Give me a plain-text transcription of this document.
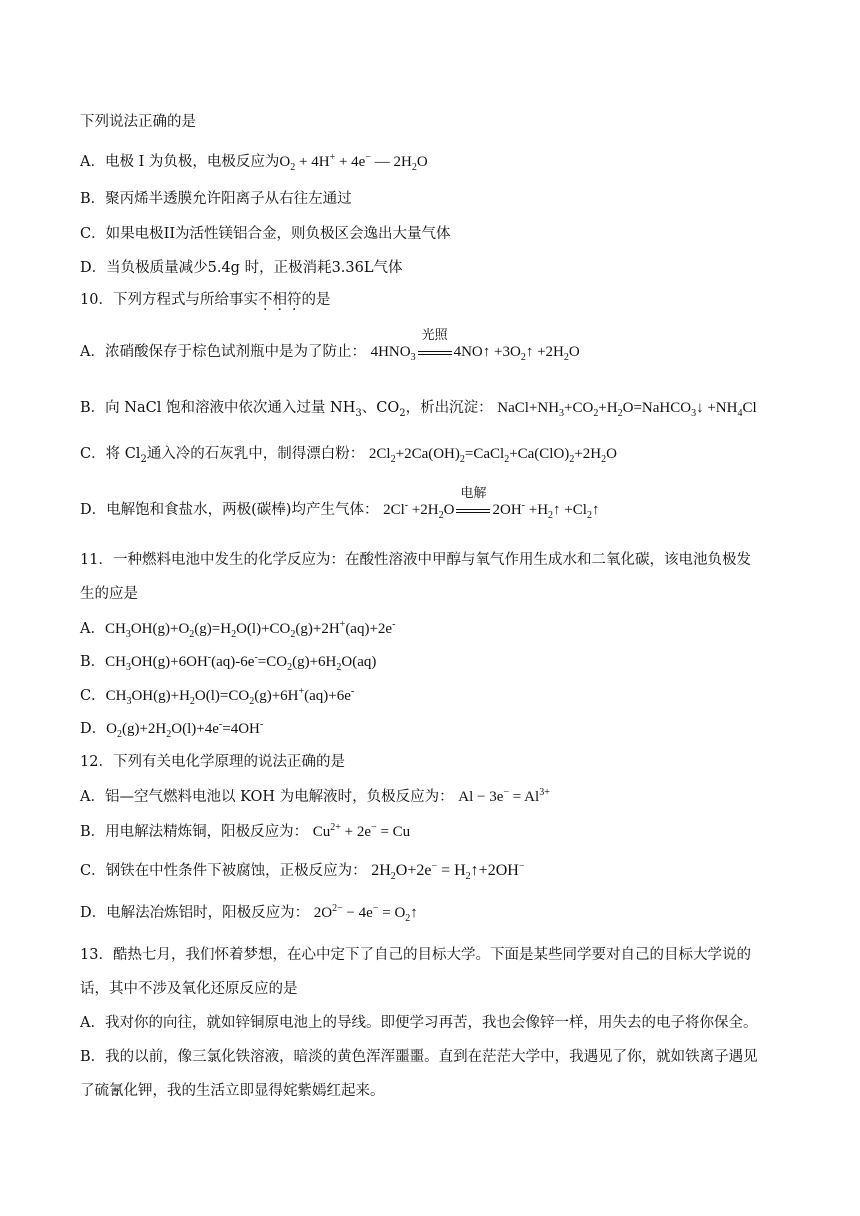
下列说法正确的是
A．电极 I 为负极，电极反应为$O_2 + 4H^+ + 4e^-$ — $2H_2O$
B．聚丙烯半透膜允许阳离子从右往左通过
C．如果电极II为活性镁铝合金，则负极区会逸出大量气体
D．当负极质量减少5.4g 时，正极消耗3.36L气体
10．下列方程式与所给事实不相符的是
A．浓硝酸保存于棕色试剂瓶中是为了防止： $4HNO_3$
光照
4NO↑ $+3O_2↑ +2H_2O$
B．向 NaCl 饱和溶液中依次通入过量 $NH_3$、$CO_2$，析出沉淀： $NaCl+NH_3+CO_2+H_2O=NaHCO_3↓ +NH_4Cl$
C．将 $Cl_2$通入冷的石灰乳中，制得漂白粉： $2Cl_2+2Ca(OH)_2=CaCl_2+Ca(ClO)_2+2H_2O$
D．电解饱和食盐水，两极(碳棒)均产生气体： $2Cl^- +2H_2O$
电解
$2OH^- +H_2↑$ $+Cl_2↑$
11．一种燃料电池中发生的化学反应为：在酸性溶液中甲醇与氧气作用生成水和二氧化碳，该电池负极发
生的应是
A．$CH_3OH(g)+O_2(g)=H_2O(l)+CO_2(g)+2H^+(aq)+2e^-$
B．$CH_3OH(g)+6OH^-(aq)-6e^-=CO_2(g)+6H_2O(aq)$
C．$CH_3OH(g)+H_2O(l)=CO_2(g)+6H^+(aq)+6e^-$
D．$O_2(g)+2H_2O(l)+4e^-=4OH^-$
12．下列有关电化学原理的说法正确的是
A．铝—空气燃料电池以 KOH 为电解液时，负极反应为： $Al - 3e^- = Al^{3+}$
B．用电解法精炼铜，阳极反应为： $Cu^{2+} + 2e^- = Cu$
C．钢铁在中性条件下被腐蚀，正极反应为： $2H_2O+2e^-$ = $H_2↑+2OH^-$
D．电解法冶炼铝时，阳极反应为： $2O^{2-} - 4e^-$ = $O_2↑$
13．酷热七月，我们怀着梦想，在心中定下了自己的目标大学。下面是某些同学要对自己的目标大学说的
话，其中不涉及氧化还原反应的是
A．我对你的向往，就如锌铜原电池上的导线。即便学习再苦，我也会像锌一样，用失去的电子将你保全。
B．我的以前，像三氯化铁溶液，暗淡的黄色浑浑噩噩。直到在茫茫大学中，我遇见了你，就如铁离子遇见
了硫氰化钾，我的生活立即显得姹紫嫣红起来。
